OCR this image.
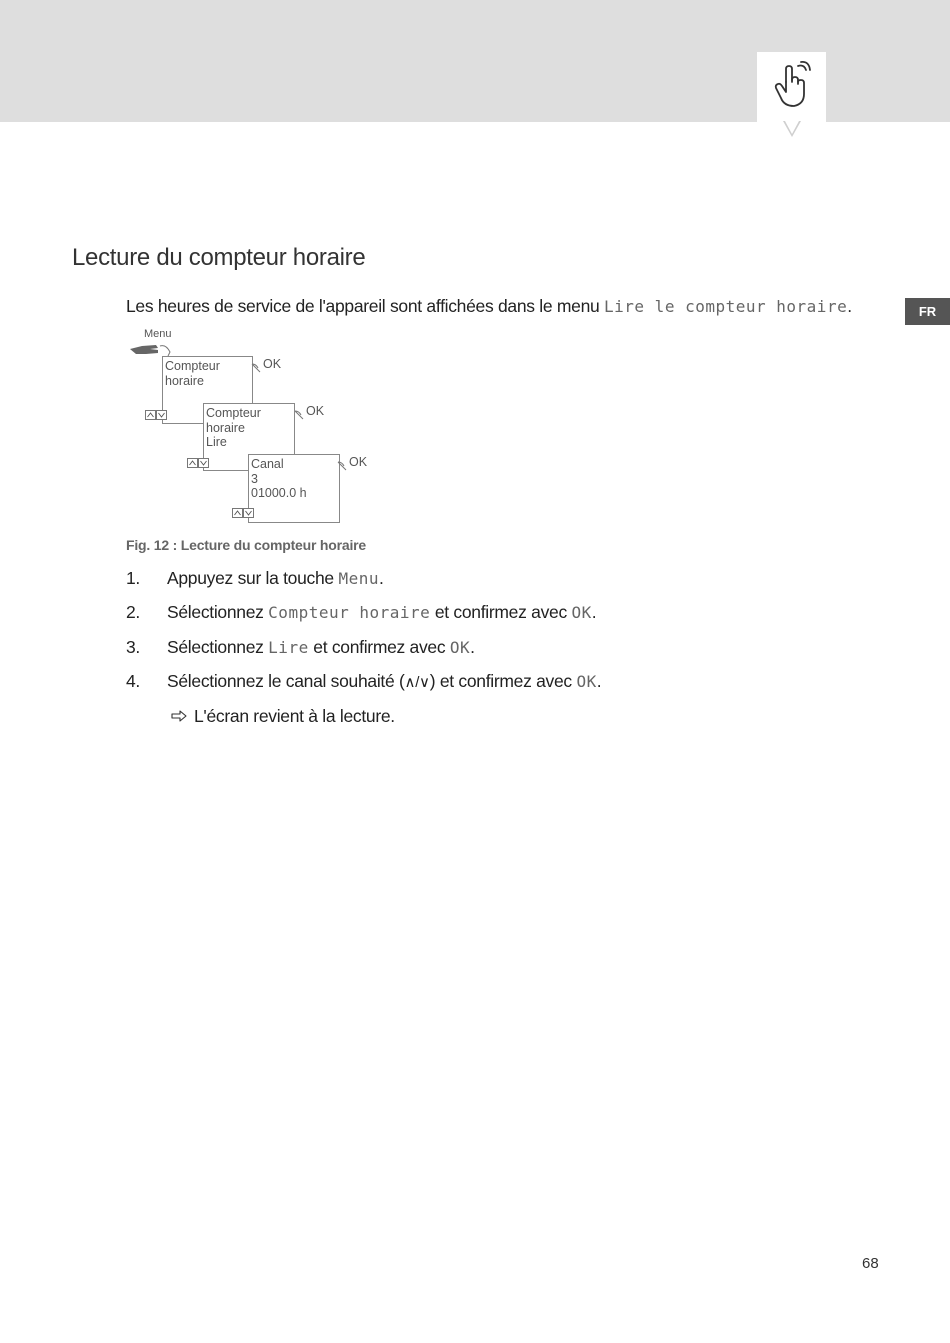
FR
Lecture du compteur horaire
Les heures de service de l'appareil sont affichées dans le menu Lire le compteur horaire.
Menu
Compteur
horaire
OK
Compteur
horaire
Lire
OK
Canal
3
01000.0 h
OK
Fig. 12 : Lecture du compteur horaire
1. Appuyez sur la touche Menu.
2. Sélectionnez Compteur horaire et confirmez avec OK.
3. Sélectionnez Lire et confirmez avec OK.
4. Sélectionnez le canal souhaité (∧/∨) et confirmez avec OK.
L'écran revient à la lecture.
68
